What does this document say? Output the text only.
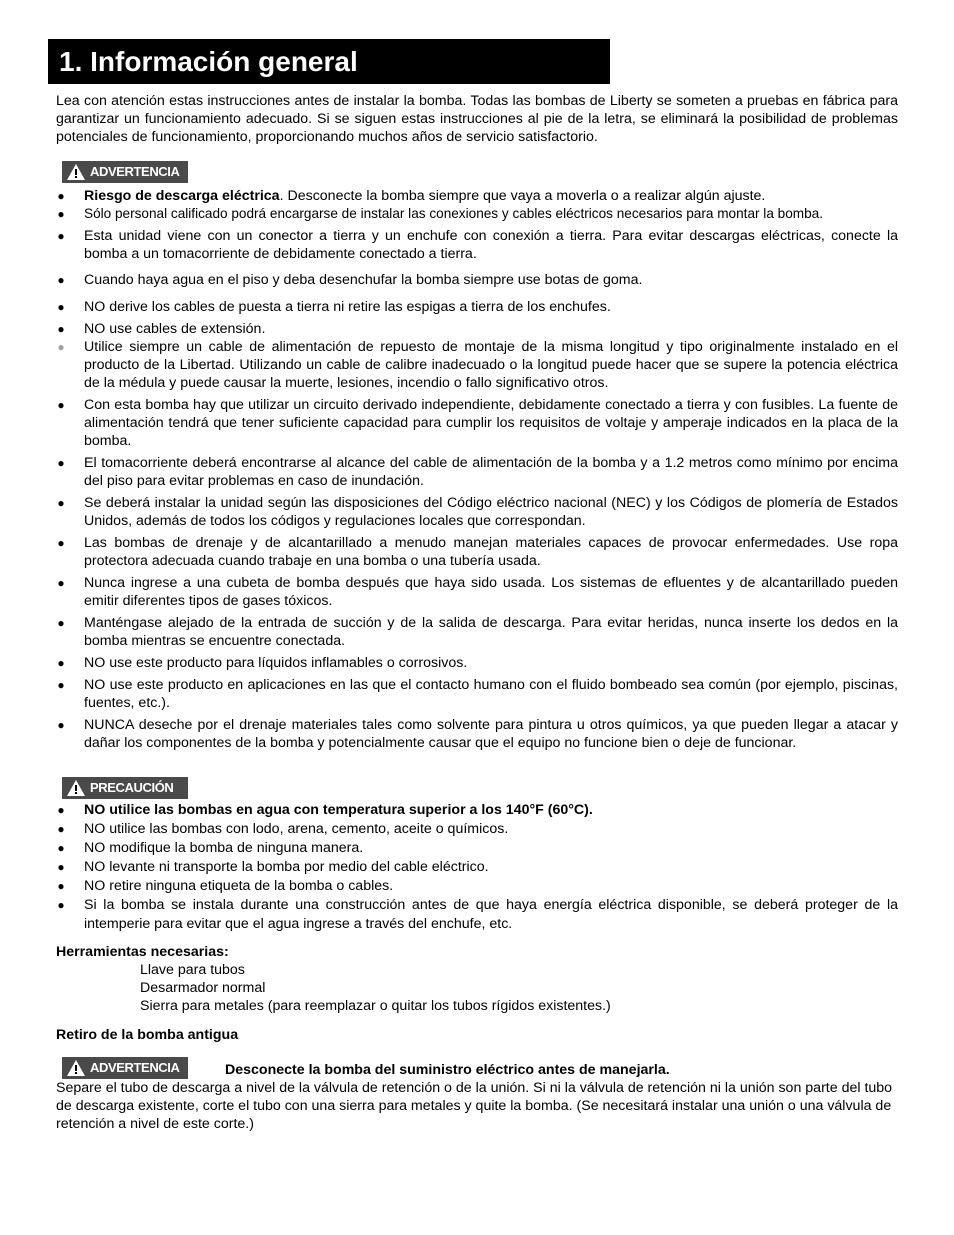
1. Información general

Lea con atención estas instrucciones antes de instalar la bomba. Todas las bombas de Liberty se someten a pruebas en fábrica para garantizar un funcionamiento adecuado. Si se siguen estas instrucciones al pie de la letra, se eliminará la posibilidad de problemas potenciales de funcionamiento, proporcionando muchos años de servicio satisfactorio.

ADVERTENCIA
● Riesgo de descarga eléctrica. Desconecte la bomba siempre que vaya a moverla o a realizar algún ajuste.
● Sólo personal calificado podrá encargarse de instalar las conexiones y cables eléctricos necesarios para montar la bomba.
● Esta unidad viene con un conector a tierra y un enchufe con conexión a tierra. Para evitar descargas eléctricas, conecte la bomba a un tomacorriente de debidamente conectado a tierra.
● Cuando haya agua en el piso y deba desenchufar la bomba siempre use botas de goma.
● NO derive los cables de puesta a tierra ni retire las espigas a tierra de los enchufes.
● NO use cables de extensión.
● Utilice siempre un cable de alimentación de repuesto de montaje de la misma longitud y tipo originalmente instalado en el producto de la Libertad. Utilizando un cable de calibre inadecuado o la longitud puede hacer que se supere la potencia eléctrica de la médula y puede causar la muerte, lesiones, incendio o fallo significativo otros.
● Con esta bomba hay que utilizar un circuito derivado independiente, debidamente conectado a tierra y con fusibles. La fuente de alimentación tendrá que tener suficiente capacidad para cumplir los requisitos de voltaje y amperaje indicados en la placa de la bomba.
● El tomacorriente deberá encontrarse al alcance del cable de alimentación de la bomba y a 1.2 metros como mínimo por encima del piso para evitar problemas en caso de inundación.
● Se deberá instalar la unidad según las disposiciones del Código eléctrico nacional (NEC) y los Códigos de plomería de Estados Unidos, además de todos los códigos y regulaciones locales que correspondan.
● Las bombas de drenaje y de alcantarillado a menudo manejan materiales capaces de provocar enfermedades. Use ropa protectora adecuada cuando trabaje en una bomba o una tubería usada.
● Nunca ingrese a una cubeta de bomba después que haya sido usada. Los sistemas de efluentes y de alcantarillado pueden emitir diferentes tipos de gases tóxicos.
● Manténgase alejado de la entrada de succión y de la salida de descarga. Para evitar heridas, nunca inserte los dedos en la bomba mientras se encuentre conectada.
● NO use este producto para líquidos inflamables o corrosivos.
● NO use este producto en aplicaciones en las que el contacto humano con el fluido bombeado sea común (por ejemplo, piscinas, fuentes, etc.).
● NUNCA deseche por el drenaje materiales tales como solvente para pintura u otros químicos, ya que pueden llegar a atacar y dañar los componentes de la bomba y potencialmente causar que el equipo no funcione bien o deje de funcionar.
PRECAUCIÓN
● NO utilice las bombas en agua con temperatura superior a los 140°F (60°C).
● NO utilice las bombas con lodo, arena, cemento, aceite o químicos.
● NO modifique la bomba de ninguna manera.
● NO levante ni transporte la bomba por medio del cable eléctrico.
● NO retire ninguna etiqueta de la bomba o cables.
● Si la bomba se instala durante una construcción antes de que haya energía eléctrica disponible, se deberá proteger de la intemperie para evitar que el agua ingrese a través del enchufe, etc.

Herramientas necesarias:

Llave para tubos
Desarmador normal
Sierra para metales (para reemplazar o quitar los tubos rígidos existentes.)

Retiro de la bomba antigua

ADVERTENCIA	Desconecte la bomba del suministro eléctrico antes de manejarla.

Separe el tubo de descarga a nivel de la válvula de retención o de la unión. Si ni la válvula de retención ni la unión son parte del tubo de descarga existente, corte el tubo con una sierra para metales y quite la bomba. (Se necesitará instalar una unión o una válvula de retención a nivel de este corte.)
